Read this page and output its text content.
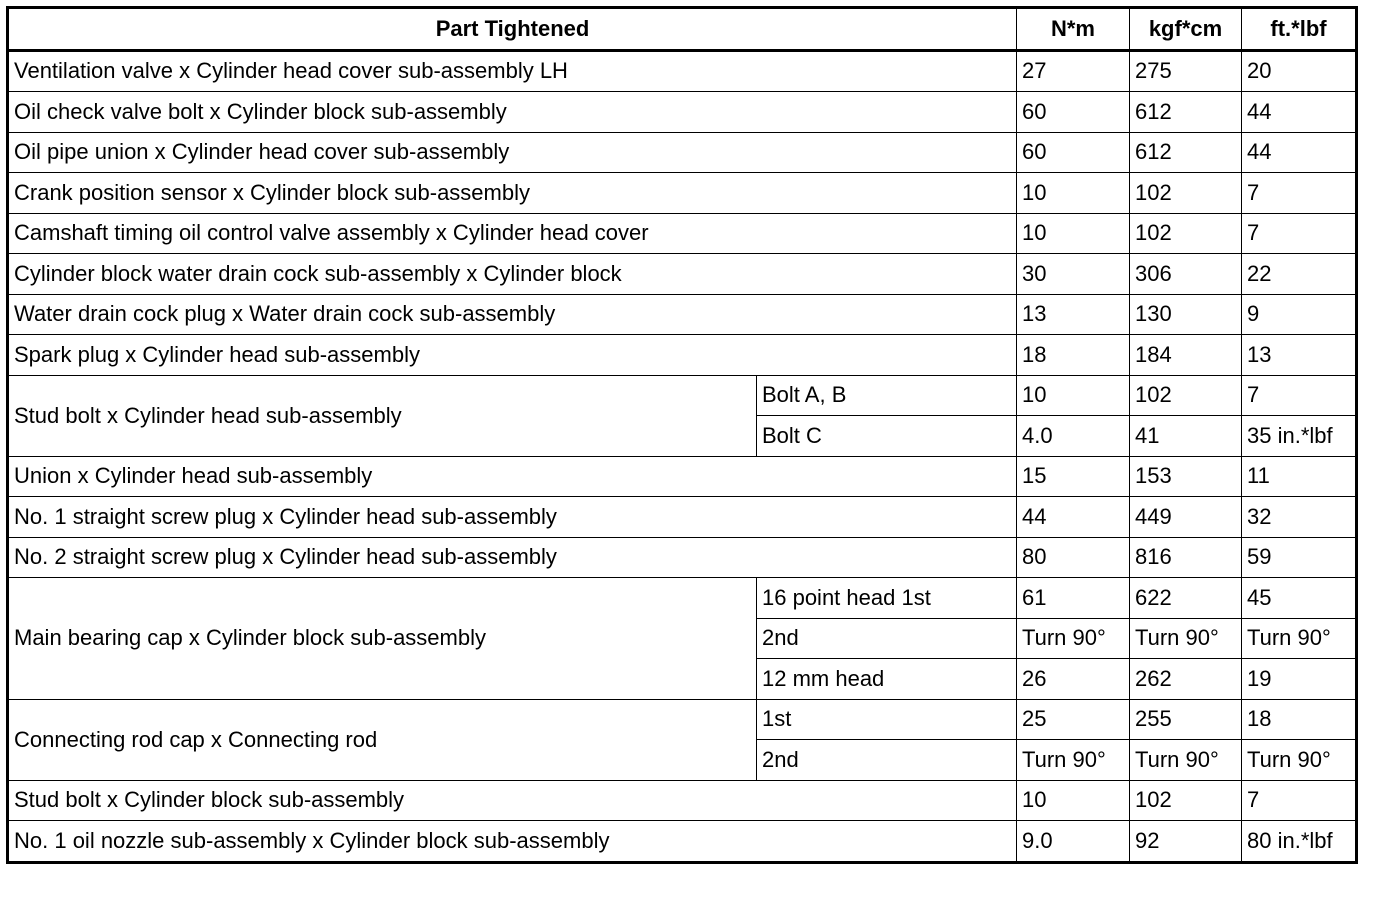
Part Tightened		N*m	kgf*cm	ft.*lbf
Ventilation valve x Cylinder head cover sub-assembly LH		27	275	20
Oil check valve bolt x Cylinder block sub-assembly		60	612	44
Oil pipe union x Cylinder head cover sub-assembly		60	612	44
Crank position sensor x Cylinder block sub-assembly		10	102	7
Camshaft timing oil control valve assembly x Cylinder head cover		10	102	7
Cylinder block water drain cock sub-assembly x Cylinder block		30	306	22
Water drain cock plug x Water drain cock sub-assembly		13	130	9
Spark plug x Cylinder head sub-assembly		18	184	13
Stud bolt x Cylinder head sub-assembly	Bolt A, B	10	102	7
	Bolt C	4.0	41	35 in.*lbf
Union x Cylinder head sub-assembly		15	153	11
No. 1 straight screw plug x Cylinder head sub-assembly		44	449	32
No. 2 straight screw plug x Cylinder head sub-assembly		80	816	59
Main bearing cap x Cylinder block sub-assembly	16 point head 1st	61	622	45
	2nd	Turn 90°	Turn 90°	Turn 90°
	12 mm head	26	262	19
Connecting rod cap x Connecting rod	1st	25	255	18
	2nd	Turn 90°	Turn 90°	Turn 90°
Stud bolt x Cylinder block sub-assembly		10	102	7
No. 1 oil nozzle sub-assembly x Cylinder block sub-assembly		9.0	92	80 in.*lbf
